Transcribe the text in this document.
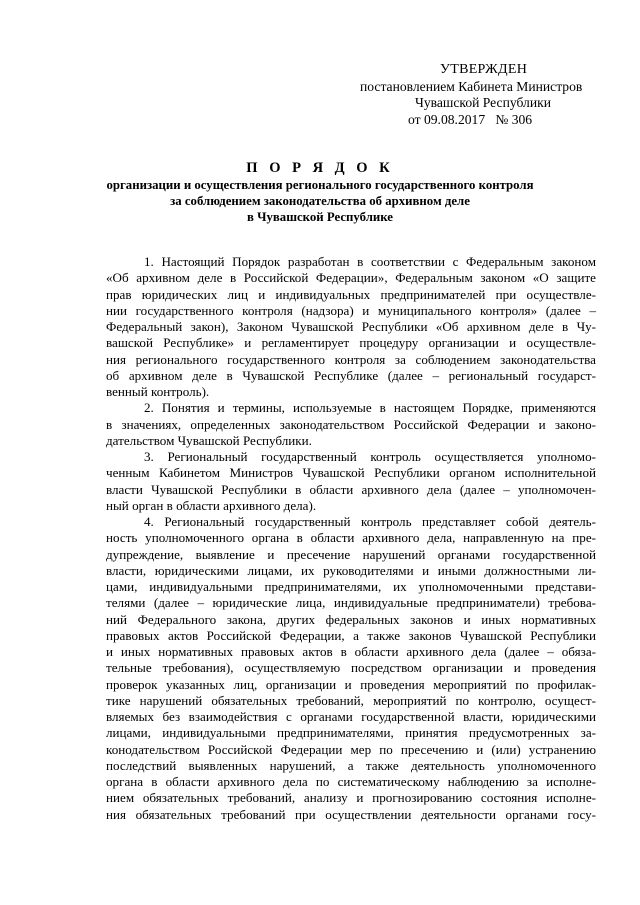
УТВЕРЖДЕН
постановлением Кабинета Министров
Чувашской Республики
от 09.08.2017   № 306
П О Р Я Д О К
организации и осуществления регионального государственного контроля
за соблюдением законодательства об архивном деле
в Чувашской Республике
1. Настоящий Порядок разработан в соответствии с Федеральным законом
«Об архивном деле в Российской Федерации», Федеральным законом «О защите
прав юридических лиц и индивидуальных предпринимателей при осуществле-
нии государственного контроля (надзора) и муниципального контроля» (далее –
Федеральный закон), Законом Чувашской Республики «Об архивном деле в Чу-
вашской Республике» и регламентирует процедуру организации и осуществле-
ния регионального государственного контроля за соблюдением законодательства
об архивном деле в Чувашской Республике (далее – региональный государст-
венный контроль).
2. Понятия и термины, используемые в настоящем Порядке, применяются
в значениях, определенных законодательством Российской Федерации и законо-
дательством Чувашской Республики.
3. Региональный государственный контроль осуществляется уполномо-
ченным Кабинетом Министров Чувашской Республики органом исполнительной
власти Чувашской Республики в области архивного дела (далее – уполномочен-
ный орган в области архивного дела).
4. Региональный государственный контроль представляет собой деятель-
ность уполномоченного органа в области архивного дела, направленную на пре-
дупреждение, выявление и пресечение нарушений органами государственной
власти, юридическими лицами, их руководителями и иными должностными ли-
цами, индивидуальными предпринимателями, их уполномоченными представи-
телями (далее – юридические лица, индивидуальные предприниматели) требова-
ний Федерального закона, других федеральных законов и иных нормативных
правовых актов Российской Федерации, а также законов Чувашской Республики
и иных нормативных правовых актов в области архивного дела (далее – обяза-
тельные требования), осуществляемую посредством организации и проведения
проверок указанных лиц, организации и проведения мероприятий по профилак-
тике нарушений обязательных требований, мероприятий по контролю, осущест-
вляемых без взаимодействия с органами государственной власти, юридическими
лицами, индивидуальными предпринимателями, принятия предусмотренных за-
конодательством Российской Федерации мер по пресечению и (или) устранению
последствий выявленных нарушений, а также деятельность уполномоченного
органа в области архивного дела по систематическому наблюдению за исполне-
нием обязательных требований, анализу и прогнозированию состояния исполне-
ния обязательных требований при осуществлении деятельности органами госу-
